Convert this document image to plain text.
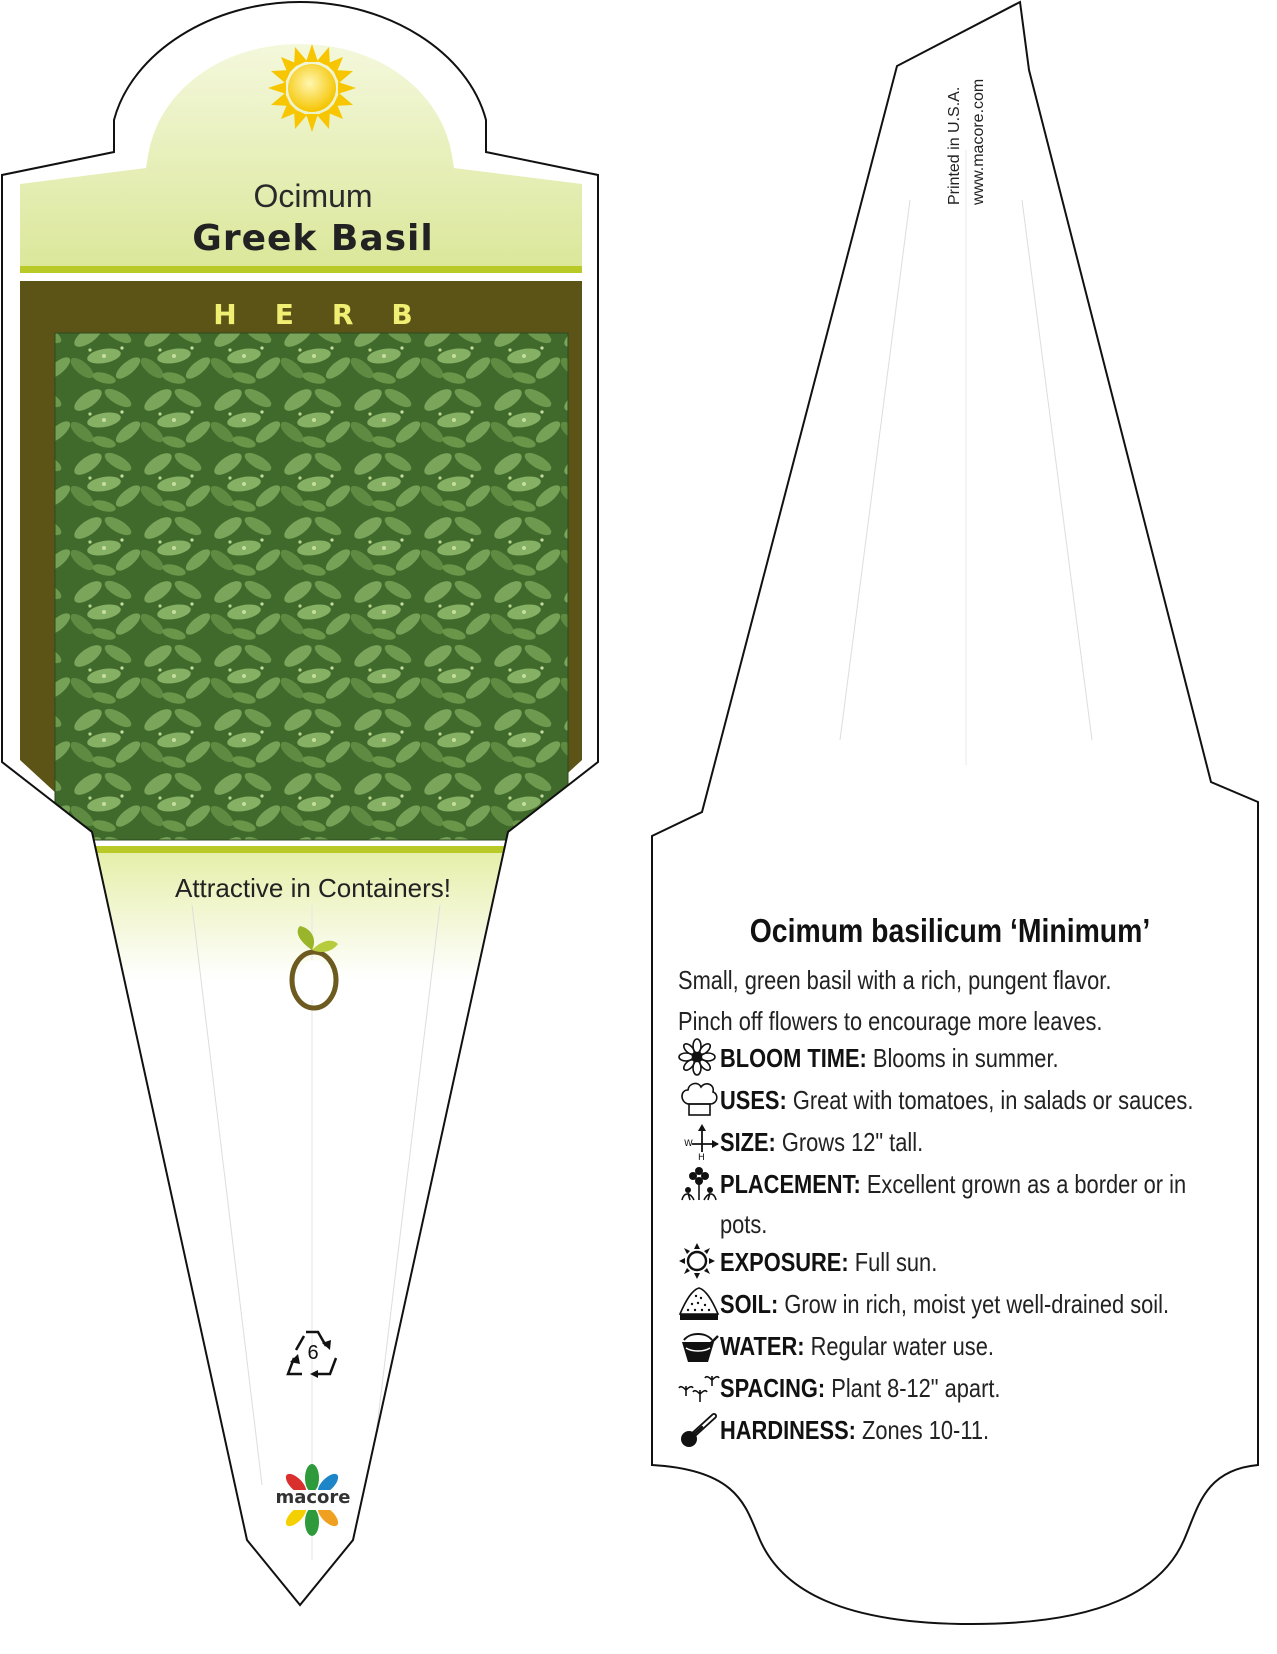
Ocimum
Greek Basil
HERB
Attractive in Containers!
6
macore
Printed in U.S.A. www.macore.com
Ocimum basilicum ‘Minimum’
Small, green basil with a rich, pungent flavor. Pinch off flowers to encourage more leaves.
BLOOM TIME: Blooms in summer.
USES: Great with tomatoes, in salads or sauces.
W
H
SIZE: Grows 12" tall.
PLACEMENT: Excellent grown as a border or in pots.
EXPOSURE: Full sun.
SOIL: Grow in rich, moist yet well-drained soil.
WATER: Regular water use.
SPACING: Plant 8-12" apart.
HARDINESS: Zones 10-11.
